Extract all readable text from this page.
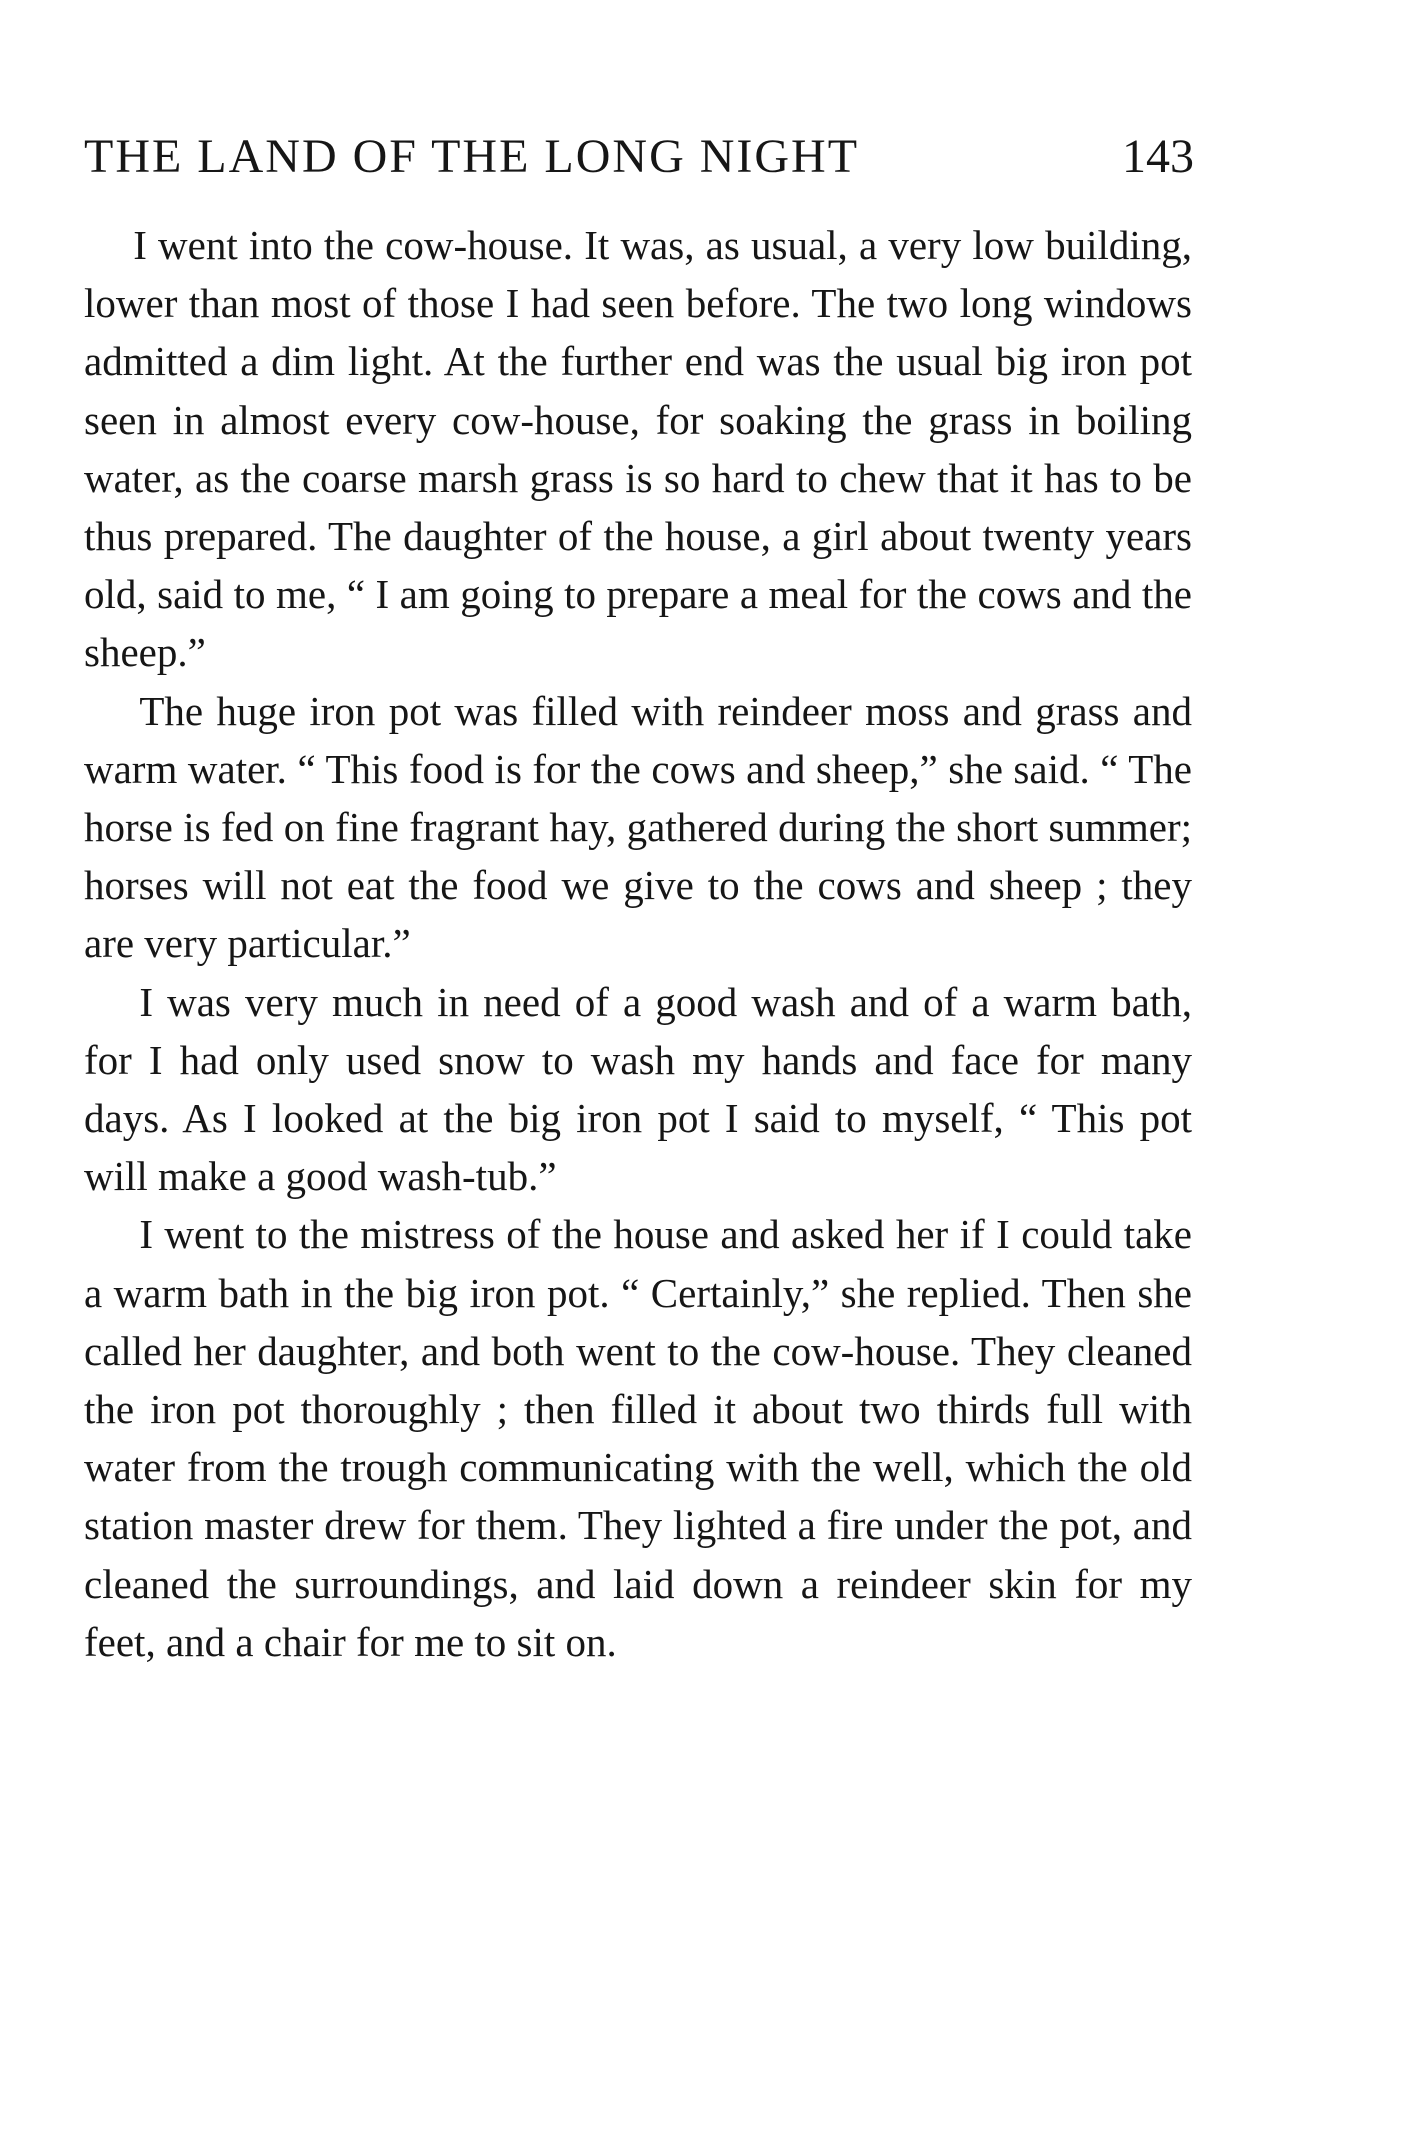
THE LAND OF THE LONG NIGHT	143

I went into the cow-house. It was, as usual, a very low building, lower than most of those I had seen before. The two long windows admitted a dim light. At the further end was the usual big iron pot seen in almost every cow-house, for soaking the grass in boiling water, as the coarse marsh grass is so hard to chew that it has to be thus prepared. The daughter of the house, a girl about twenty years old, said to me, “ I am going to prepare a meal for the cows and the sheep.”

The huge iron pot was filled with reindeer moss and grass and warm water. “ This food is for the cows and sheep,” she said. “ The horse is fed on fine fragrant hay, gathered during the short summer; horses will not eat the food we give to the cows and sheep ; they are very particular.”

I was very much in need of a good wash and of a warm bath, for I had only used snow to wash my hands and face for many days. As I looked at the big iron pot I said to myself, “ This pot will make a good wash-tub.”

I went to the mistress of the house and asked her if I could take a warm bath in the big iron pot. “ Certainly,” she replied. Then she called her daughter, and both went to the cow-house. They cleaned the iron pot thoroughly ; then filled it about two thirds full with water from the trough communicating with the well, which the old station master drew for them. They lighted a fire under the pot, and cleaned the surroundings, and laid down a reindeer skin for my feet, and a chair for me to sit on.
